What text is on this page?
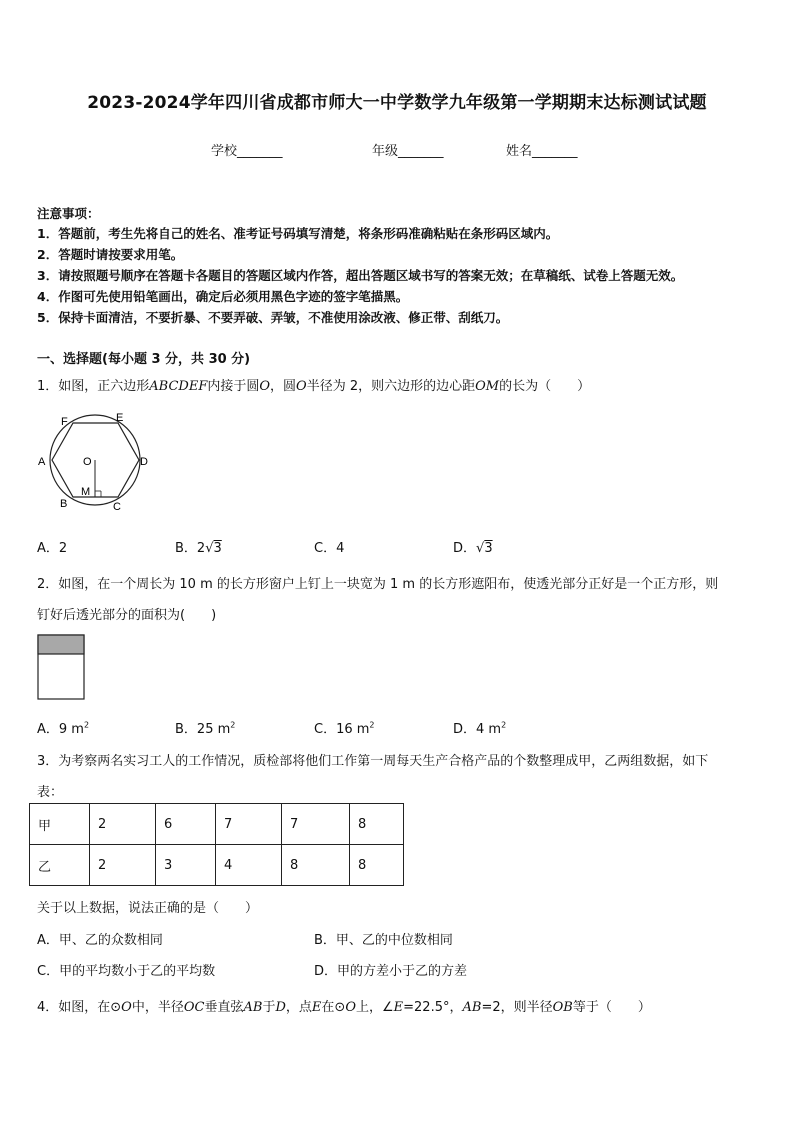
2023-2024学年四川省成都市师大一中学数学九年级第一学期期末达标测试试题
学校_______	年级_______	姓名_______
注意事项：
1．答题前，考生先将自己的姓名、准考证号码填写清楚，将条形码准确粘贴在条形码区域内。
2．答题时请按要求用笔。
3．请按照题号顺序在答题卡各题目的答题区域内作答，超出答题区域书写的答案无效；在草稿纸、试卷上答题无效。
4．作图可先使用铅笔画出，确定后必须用黑色字迹的签字笔描黑。
5．保持卡面清洁，不要折暴、不要弄破、弄皱，不准使用涂改液、修正带、刮纸刀。
一、选择题(每小题 3 分，共 30 分)
1．如图，正六边形ABCDEF内接于圆O，圆O半径为 2，则六边形的边心距OM的长为（　　）
A
B	C
D
E
F
O
M
A．2	B．2√3	C．4	D．√3
2．如图，在一个周长为 10 m 的长方形窗户上钉上一块宽为 1 m 的长方形遮阳布，使透光部分正好是一个正方形，则
钉好后透光部分的面积为(　　)
A．9 $m^2$	B．25 $m^2$	C．16 $m^2$	D．4 $m^2$
3．为考察两名实习工人的工作情况，质检部将他们工作第一周每天生产合格产品的个数整理成甲，乙两组数据，如下
表：
甲	2	6	7	7	8
乙	2	3	4	8	8
关于以上数据，说法正确的是（　　）
A．甲、乙的众数相同	B．甲、乙的中位数相同
C．甲的平均数小于乙的平均数	D．甲的方差小于乙的方差
4．如图，在⊙O中，半径OC垂直弦AB于D，点E在⊙O上，∠E=22.5°，AB=2，则半径OB等于（　　）
